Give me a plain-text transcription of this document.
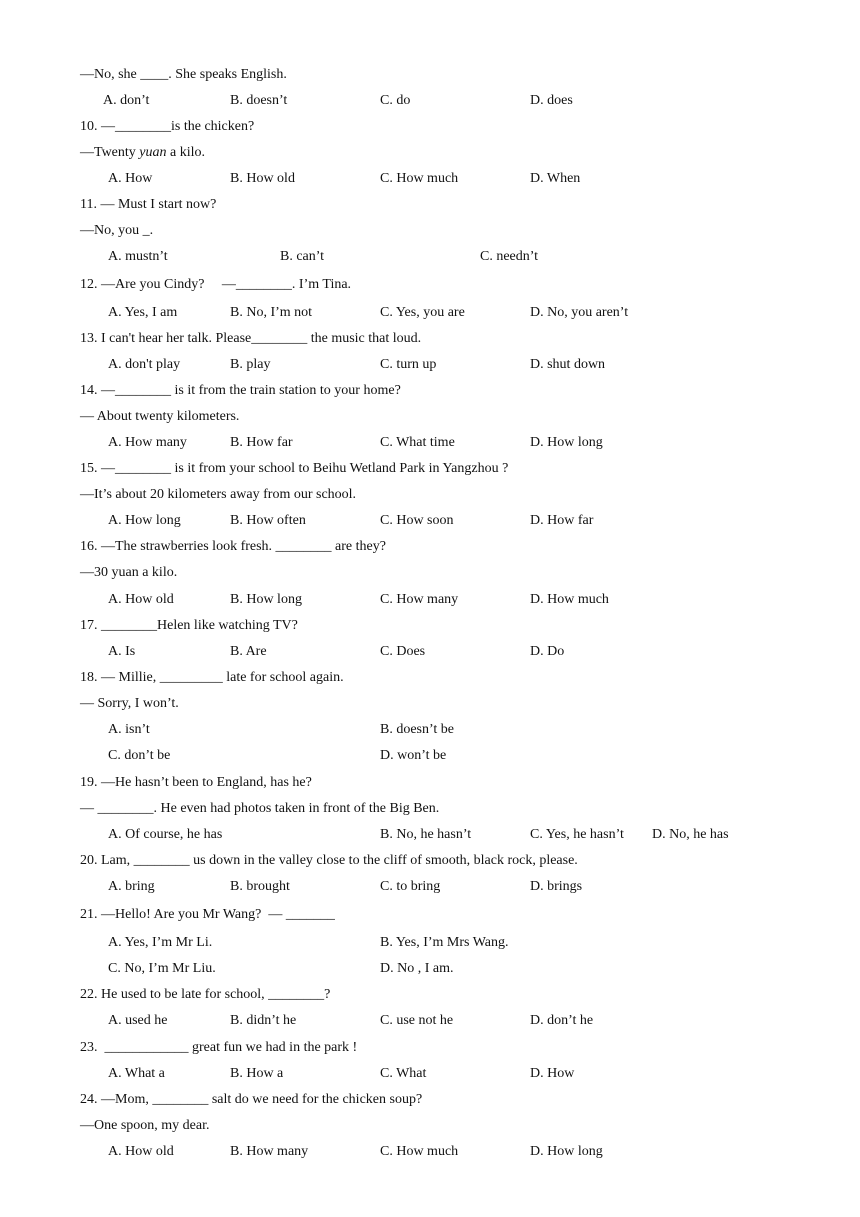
—No, she ____. She speaks English.
A. don’t	B. doesn’t	C. do	D. does
10. —________is the chicken?
—Twenty yuan a kilo.
A. How	B. How old	C. How much	D. When
11. — Must I start now?
—No, you _.
A. mustn’t	B. can’t	C. needn’t
12. —Are you Cindy?     —________. I’m Tina.
A. Yes, I am	B. No, I’m not	C. Yes, you are	D. No, you aren’t
13. I can't hear her talk. Please________ the music that loud.
A. don't play	B. play	C. turn up	D. shut down
14. —________ is it from the train station to your home?
— About twenty kilometers.
A. How many	B. How far	C. What time	D. How long
15. —________ is it from your school to Beihu Wetland Park in Yangzhou ?
—It’s about 20 kilometers away from our school.
A. How long	B. How often	C. How soon	D. How far
16. —The strawberries look fresh. ________ are they?
—30 yuan a kilo.
A. How old	B. How long	C. How many	D. How much
17. ________Helen like watching TV?
A. Is	B. Are	C. Does	D. Do
18. — Millie, _________ late for school again.
— Sorry, I won’t.
A. isn’t	B. doesn’t be
C. don’t be	D. won’t be
19. —He hasn’t been to England, has he?
— ________. He even had photos taken in front of the Big Ben.
A. Of course, he has	B. No, he hasn’t	C. Yes, he hasn’t D. No, he has
20. Lam, ________ us down in the valley close to the cliff of smooth, black rock, please.
A. bring	B. brought	C. to bring	D. brings
21. —Hello! Are you Mr Wang?  — _______
A. Yes, I’m Mr Li.	B. Yes, I’m Mrs Wang.
C. No, I’m Mr Liu.	D. No , I am.
22. He used to be late for school, ________?
A. used he	B. didn’t he	C. use not he	D. don’t he
23.  ____________ great fun we had in the park !
A. What a	B. How a	C. What	D. How
24. —Mom, ________ salt do we need for the chicken soup?
—One spoon, my dear.
A. How old	B. How many	C. How much	D. How long
